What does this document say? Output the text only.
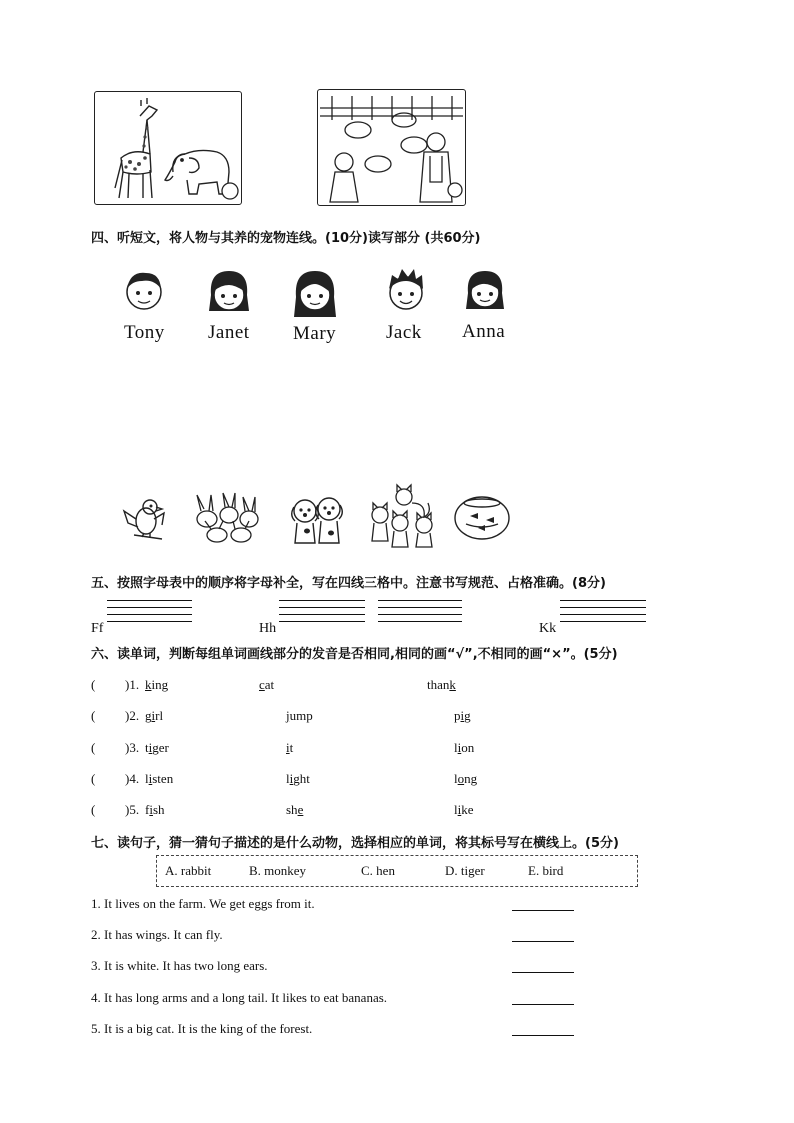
四、听短文，将人物与其养的宠物连线。(10分)读写部分 (共60分)
Tony Janet Mary	Jack Anna
五、按照字母表中的顺序将字母补全，写在四线三格中。注意书写规范、占格准确。(8分)
Ff	Hh	Kk
六、读单词，判断每组单词画线部分的发音是否相同,相同的画“√”,不相同的画“×”。(5分)
( )1. king	cat	thank
( )2. girl	jump	pig
( )3. tiger	it	lion
( )4. listen	light	long
( )5. fish	she	like
七、读句子，猜一猜句子描述的是什么动物，选择相应的单词，将其标号写在横线上。(5分)
A. rabbit	B. monkey	C. hen	D. tiger	E. bird
1. It lives on the farm. We get eggs from it.
2. It has wings. It can fly.
3. It is white. It has two long ears.
4. It has long arms and a long tail. It likes to eat bananas.
5. It is a big cat. It is the king of the forest.
